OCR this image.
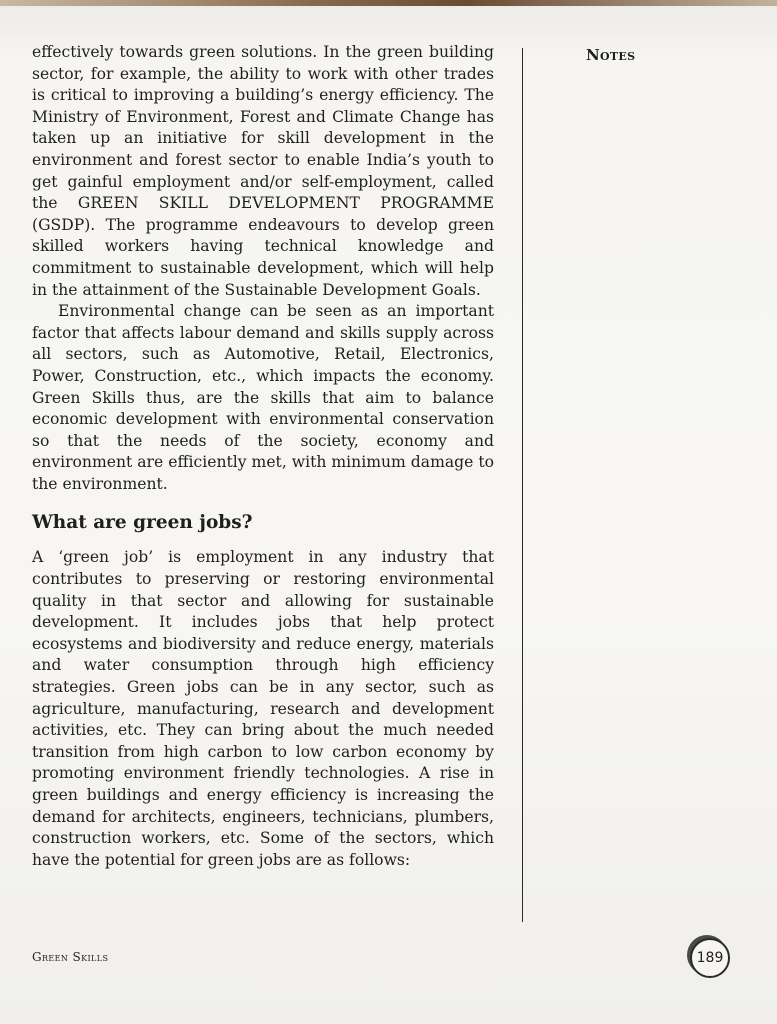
effectively towards green solutions. In the green building sector, for example, the ability to work with other trades is critical to improving a building’s energy efficiency. The Ministry of Environment, Forest and Climate Change has taken up an initiative for skill development in the environment and forest sector to enable India’s youth to get gainful employment and/or self-employment, called the GREEN SKILL DEVELOPMENT PROGRAMME (GSDP). The programme endeavours to develop green skilled workers having technical knowledge and commitment to sustainable development, which will help in the attainment of the Sustainable Development Goals.

Environmental change can be seen as an important factor that affects labour demand and skills supply across all sectors, such as Automotive, Retail, Electronics, Power, Construction, etc., which impacts the economy. Green Skills thus, are the skills that aim to balance economic development with environmental conservation so that the needs of the society, economy and environment are efficiently met, with minimum damage to the environment.

What are green jobs?

A ‘green job’ is employment in any industry that contributes to preserving or restoring environmental quality in that sector and allowing for sustainable development. It includes jobs that help protect ecosystems and biodiversity and reduce energy, materials and water consumption through high efficiency strategies. Green jobs can be in any sector, such as agriculture, manufacturing, research and development activities, etc. They can bring about the much needed transition from high carbon to low carbon economy by promoting environment friendly technologies. A rise in green buildings and energy efficiency is increasing the demand for architects, engineers, technicians, plumbers, construction workers, etc. Some of the sectors, which have the potential for green jobs are as follows:

Notes
Green Skills	189
